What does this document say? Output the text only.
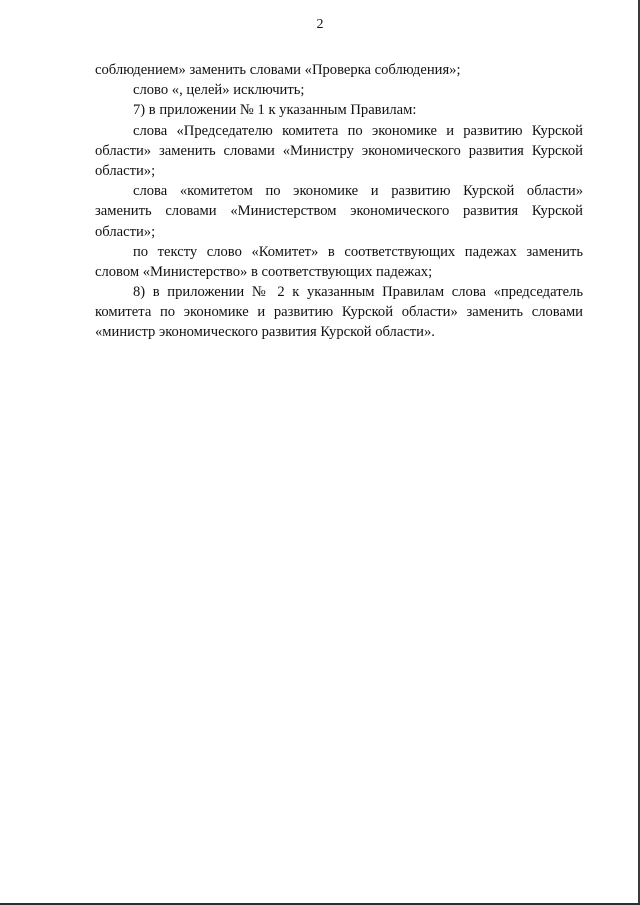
2
соблюдением» заменить словами «Проверка соблюдения»;
слово «, целей» исключить;
7) в приложении № 1 к указанным Правилам:
слова «Председателю комитета по экономике и развитию Курской
области» заменить словами «Министру экономического развития Курской
области»;
слова «комитетом по экономике и развитию Курской области»
заменить словами «Министерством экономического развития Курской
области»;
по тексту слово «Комитет» в соответствующих падежах заменить
словом «Министерство» в соответствующих падежах;
8) в приложении № 2 к указанным Правилам слова «председатель
комитета по экономике и развитию Курской области» заменить словами
«министр экономического развития Курской области».
